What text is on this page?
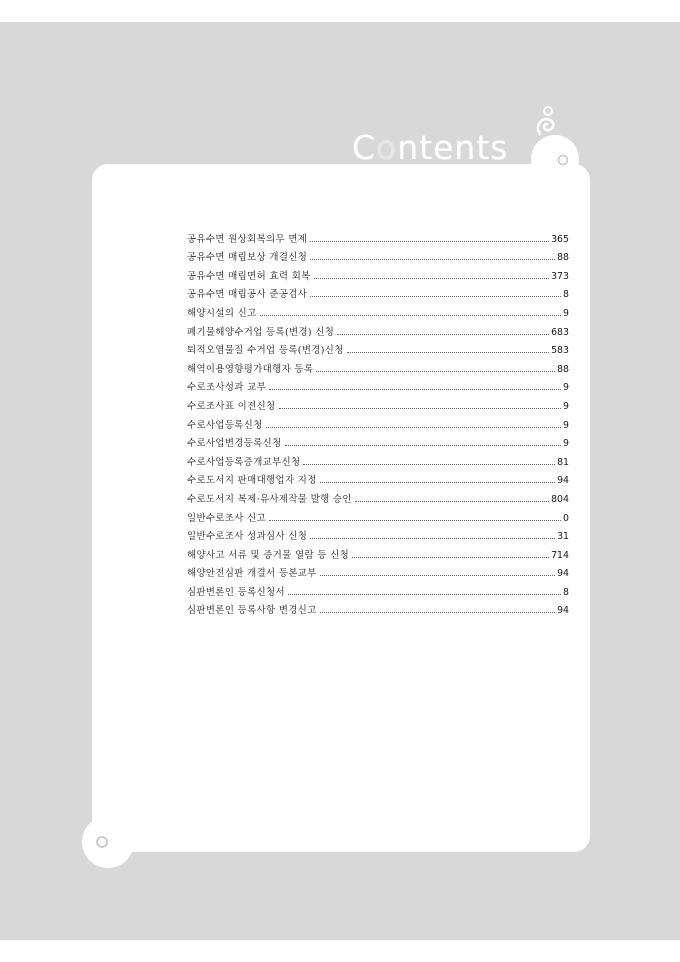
Contents
공유수면 원상회복의무 면제	365
공유수면 매립보상 개결신청	88
공유수면 매립면허 효력 회복	373
공유수면 매립공사 준공검사	8
해양시설의 신고	9
폐기물해양수거업 등록(변경) 신청	683
퇴적오염물질 수거업 등록(변경)신청	583
해역이용영향평가대행자 등록	88
수로조사성과 교부	9
수로조사표 이전신청	9
수로사업등록신청	9
수로사업변경등록신청	9
수로사업등록증개교부신청	81
수로도서지 판매대행업자 지정	94
수로도서지 복제·유사제작물 발행 승인	804
일반수로조사 신고	0
일반수로조사 성과심사 신청	31
해양사고 서류 및 증거물 열람 등 신청	714
해양안전심판 개결서 등본교부	94
심판변론인 등록신청서	8
심판변론인 등록사항 변경신고	94
